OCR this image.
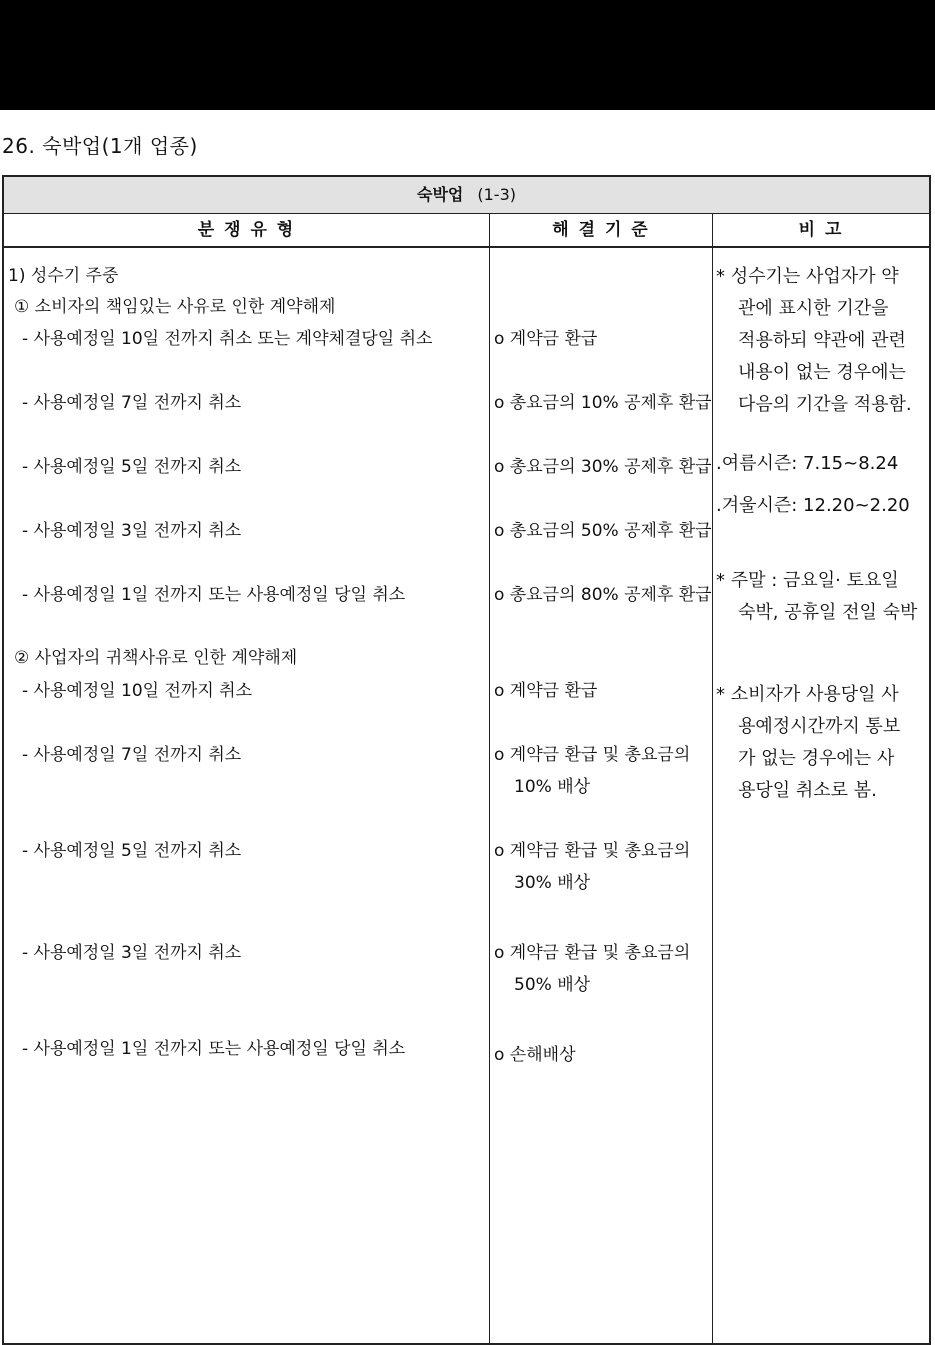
26. 숙박업(1개 업종)
숙박업 (1-3)
분 쟁 유 형	해 결 기 준	비 고
1) 성수기 주중
① 소비자의 책임있는 사유로 인한 계약해제
- 사용예정일 10일 전까지 취소 또는 계약체결당일 취소
- 사용예정일 7일 전까지 취소
- 사용예정일 5일 전까지 취소
- 사용예정일 3일 전까지 취소
- 사용예정일 1일 전까지 또는 사용예정일 당일 취소
② 사업자의 귀책사유로 인한 계약해제
- 사용예정일 10일 전까지 취소
- 사용예정일 7일 전까지 취소
- 사용예정일 5일 전까지 취소
- 사용예정일 3일 전까지 취소
- 사용예정일 1일 전까지 또는 사용예정일 당일 취소
o 계약금 환급
o 총요금의 10% 공제후 환급
o 총요금의 30% 공제후 환급
o 총요금의 50% 공제후 환급
o 총요금의 80% 공제후 환급
o 계약금 환급
o 계약금 환급 및 총요금의
10% 배상
o 계약금 환급 및 총요금의
30% 배상
o 계약금 환급 및 총요금의
50% 배상
o 손해배상
* 성수기는 사업자가 약
관에 표시한 기간을
적용하되 약관에 관련
내용이 없는 경우에는
다음의 기간을 적용함.
.여름시즌: 7.15~8.24
.겨울시즌: 12.20~2.20
* 주말 : 금요일· 토요일
숙박, 공휴일 전일 숙박
* 소비자가 사용당일 사
용예정시간까지 통보
가 없는 경우에는 사
용당일 취소로 봄.
